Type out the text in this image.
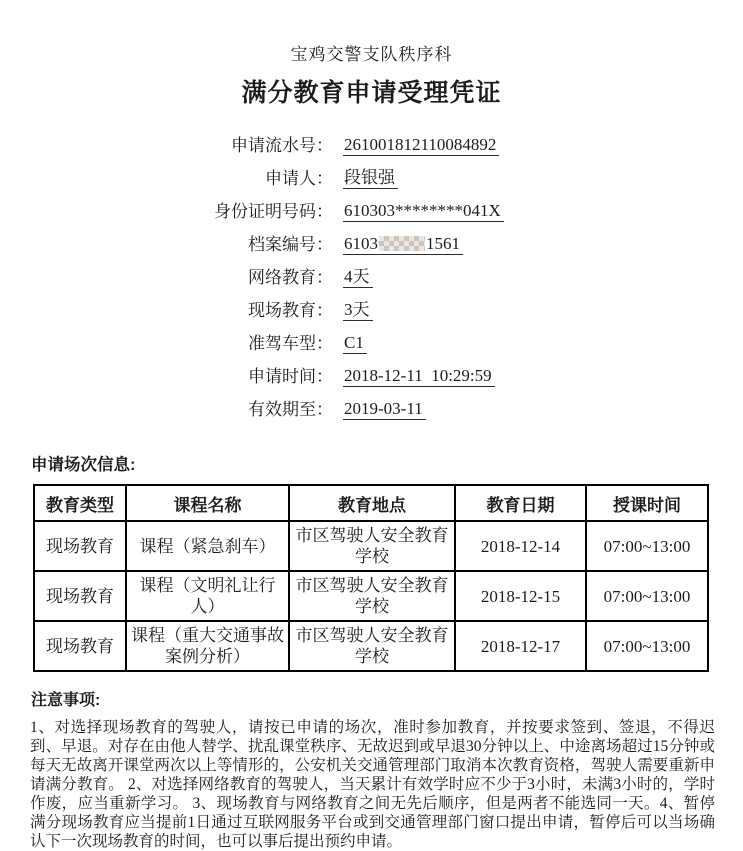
宝鸡交警支队秩序科
满分教育申请受理凭证
申请流水号： 261001812110084892
申请人： 段银强
身份证明号码： 610303********041X
档案编号： 6103	1561
网络教育： 4天
现场教育： 3天
准驾车型： C1
申请时间： 2018-12-11  10:29:59
有效期至： 2019-03-11
申请场次信息:
教育类型	课程名称	教育地点	教育日期	授课时间
现场教育	课程（紧急刹车）	市区驾驶人安全教育学校	2018-12-14	07:00~13:00
现场教育	课程（文明礼让行人）	市区驾驶人安全教育学校	2018-12-15	07:00~13:00
现场教育	课程（重大交通事故案例分析）	市区驾驶人安全教育学校	2018-12-17	07:00~13:00
注意事项:
1、对选择现场教育的驾驶人，请按已申请的场次，准时参加教育，并按要求签到、签退，不得迟到、早退。对存在由他人替学、扰乱课堂秩序、无故迟到或早退30分钟以上、中途离场超过15分钟或每天无故离开课堂两次以上等情形的，公安机关交通管理部门取消本次教育资格，驾驶人需要重新申请满分教育。 2、对选择网络教育的驾驶人，当天累计有效学时应不少于3小时，未满3小时的，学时作废，应当重新学习。 3、现场教育与网络教育之间无先后顺序，但是两者不能选同一天。4、暂停满分现场教育应当提前1日通过互联网服务平台或到交通管理部门窗口提出申请，暂停后可以当场确认下一次现场教育的时间，也可以事后提出预约申请。
